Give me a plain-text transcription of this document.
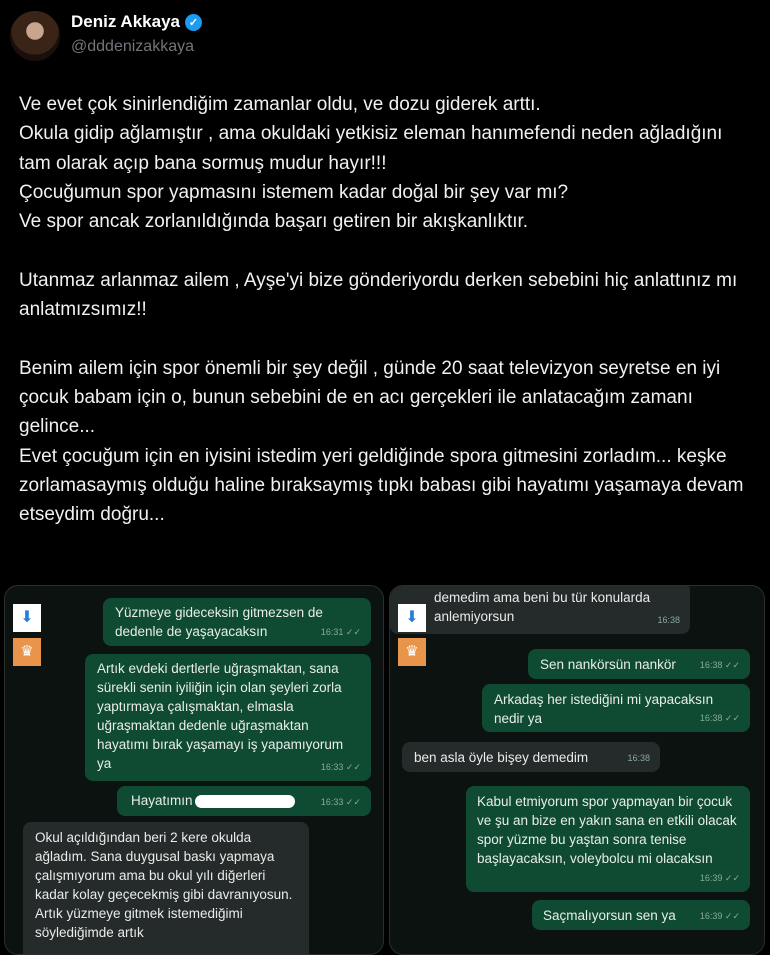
Deniz Akkaya ✓
@dddenizakkaya
Ve evet çok sinirlendiğim zamanlar oldu, ve dozu giderek arttı.
Okula gidip ağlamıştır , ama okuldaki yetkisiz eleman hanımefendi neden ağladığını tam olarak açıp bana sormuş mudur hayır!!!
Çocuğumun spor yapmasını istemem kadar doğal bir şey var mı?
Ve spor ancak zorlanıldığında başarı getiren bir akışkanlıktır.

Utanmaz arlanmaz ailem , Ayşe'yi bize gönderiyordu derken sebebini hiç anlattınız mı anlatmızsımız!!

Benim ailem için spor önemli bir şey değil , günde 20 saat televizyon seyretse en iyi çocuk babam için o, bunun sebebini de en acı gerçekleri ile anlatacağım zamanı gelince...
Evet çocuğum için en iyisini istedim yeri geldiğinde spora gitmesini zorladım... keşke zorlamasaymış olduğu haline bıraksaymış tıpkı babası gibi hayatımı yaşamaya devam etseydim doğru...
⬇
♛
Yüzmeye gideceksin gitmezsen de dedenle de yaşayacaksın	16:31 ✓✓
Artık evdeki dertlerle uğraşmaktan, sana sürekli senin iyiliğin için olan şeyleri zorla yaptırmaya çalışmaktan, elmasla uğraşmaktan dedenle uğraşmaktan hayatımı bırak yaşamayı iş yapamıyorum ya	16:33 ✓✓
Hayatımın	16:33 ✓✓
Okul açıldığından beri 2 kere okulda ağladım. Sana duygusal baskı yapmaya çalışmıyorum ama bu okul yılı diğerleri kadar kolay geçecekmiş gibi davranıyosun. Artık yüzmeye gitmek istemediğimi söylediğimde artık
demedim ama beni bu tür konularda anlemiyorsun	16:38
⬇
♛
Sen nankörsün nankör	16:38 ✓✓
Arkadaş her istediğini mi yapacaksın nedir ya	16:38 ✓✓
ben asla öyle bişey demedim	16:38
Kabul etmiyorum spor yapmayan bir çocuk ve şu an bize en yakın sana en etkili olacak spor yüzme bu yaştan sonra tenise başlayacaksın, voleybolcu mi olacaksın
16:39 ✓✓
Saçmalıyorsun sen ya	16:39 ✓✓
